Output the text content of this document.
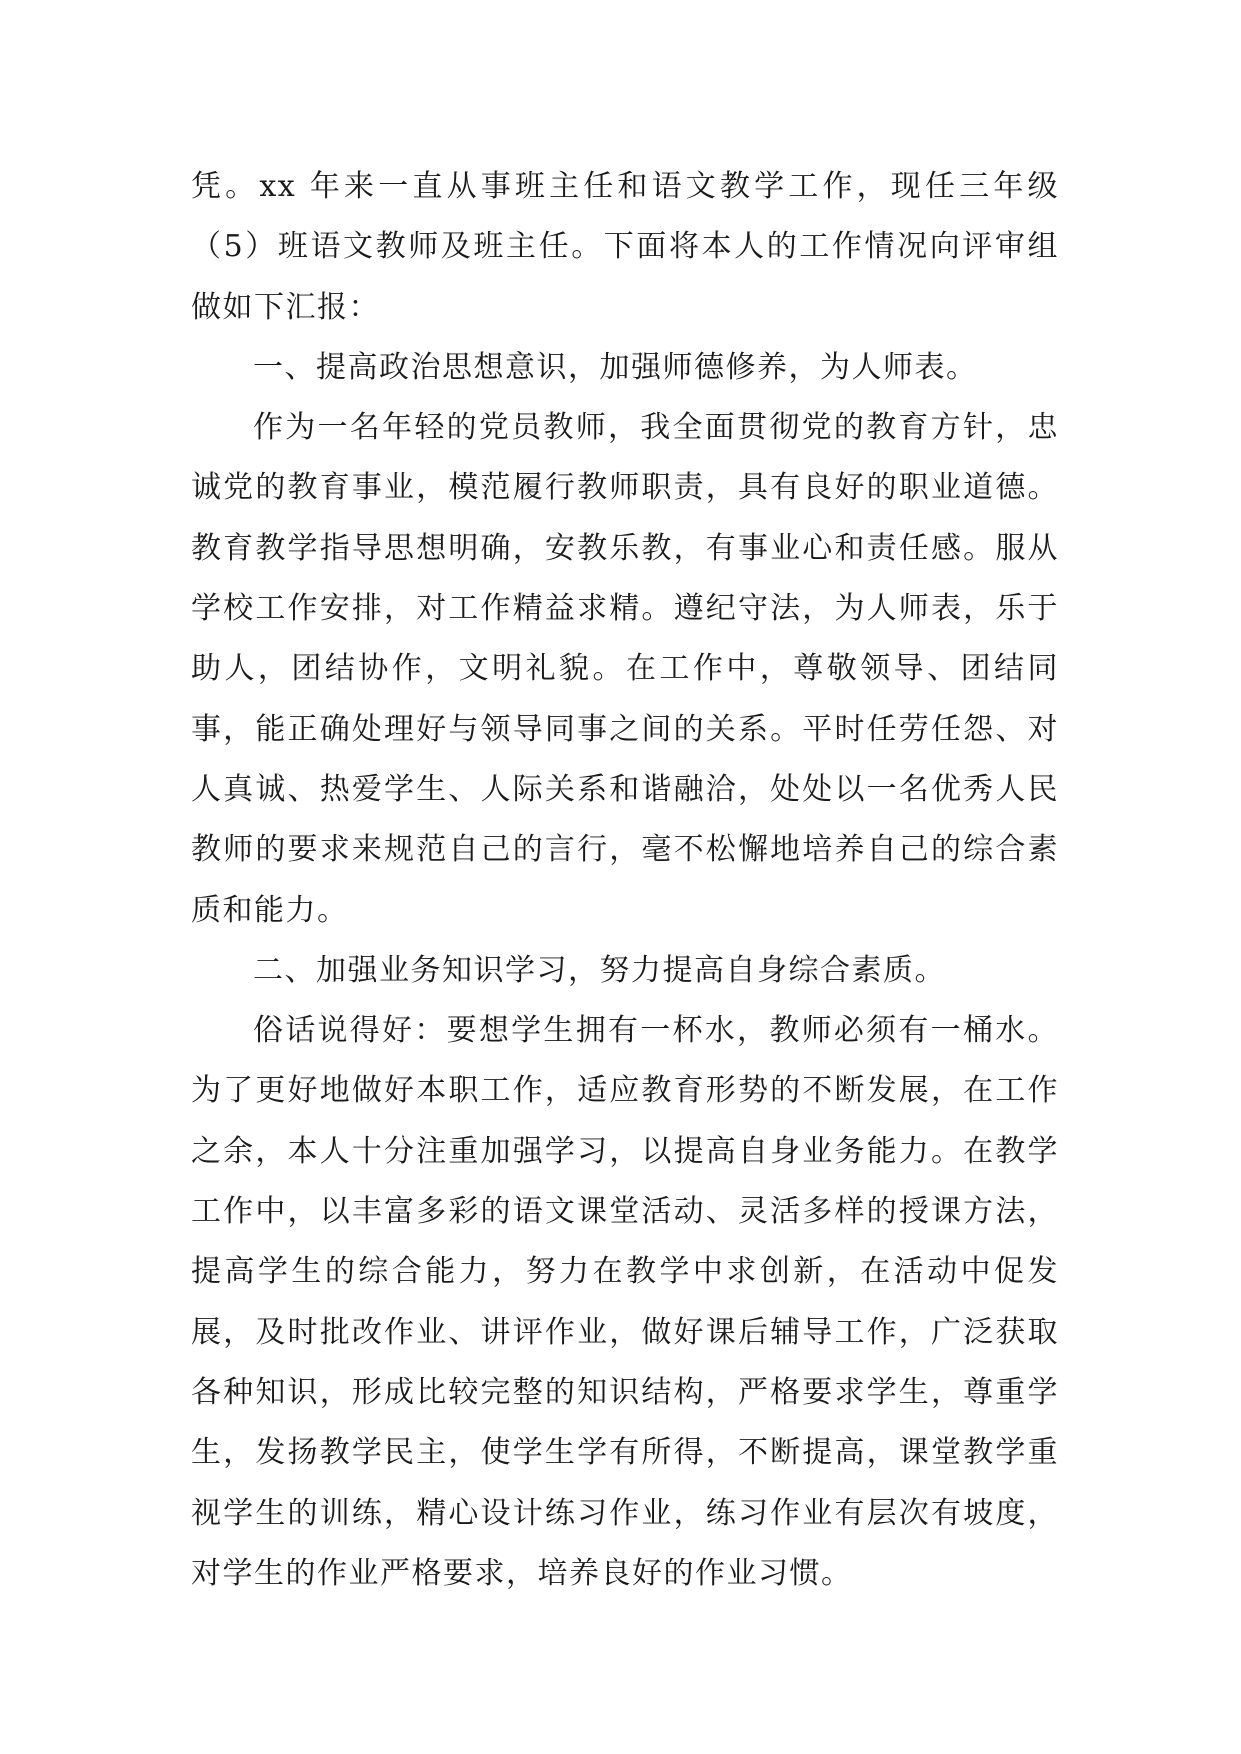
凭。xx 年来一直从事班主任和语文教学工作，现任三年级（5）班语文教师及班主任。下面将本人的工作情况向评审组做如下汇报：

一、提高政治思想意识，加强师德修养，为人师表。

作为一名年轻的党员教师，我全面贯彻党的教育方针，忠诚党的教育事业，模范履行教师职责，具有良好的职业道德。教育教学指导思想明确，安教乐教，有事业心和责任感。服从学校工作安排，对工作精益求精。遵纪守法，为人师表，乐于助人，团结协作，文明礼貌。在工作中，尊敬领导、团结同事，能正确处理好与领导同事之间的关系。平时任劳任怨、对人真诚、热爱学生、人际关系和谐融洽，处处以一名优秀人民教师的要求来规范自己的言行，毫不松懈地培养自己的综合素质和能力。

二、加强业务知识学习，努力提高自身综合素质。

俗话说得好：要想学生拥有一杯水，教师必须有一桶水。为了更好地做好本职工作，适应教育形势的不断发展，在工作之余，本人十分注重加强学习，以提高自身业务能力。在教学工作中，以丰富多彩的语文课堂活动、灵活多样的授课方法，提高学生的综合能力，努力在教学中求创新，在活动中促发展，及时批改作业、讲评作业，做好课后辅导工作，广泛获取各种知识，形成比较完整的知识结构，严格要求学生，尊重学生，发扬教学民主，使学生学有所得，不断提高，课堂教学重视学生的训练，精心设计练习作业，练习作业有层次有坡度，对学生的作业严格要求，培养良好的作业习惯。
